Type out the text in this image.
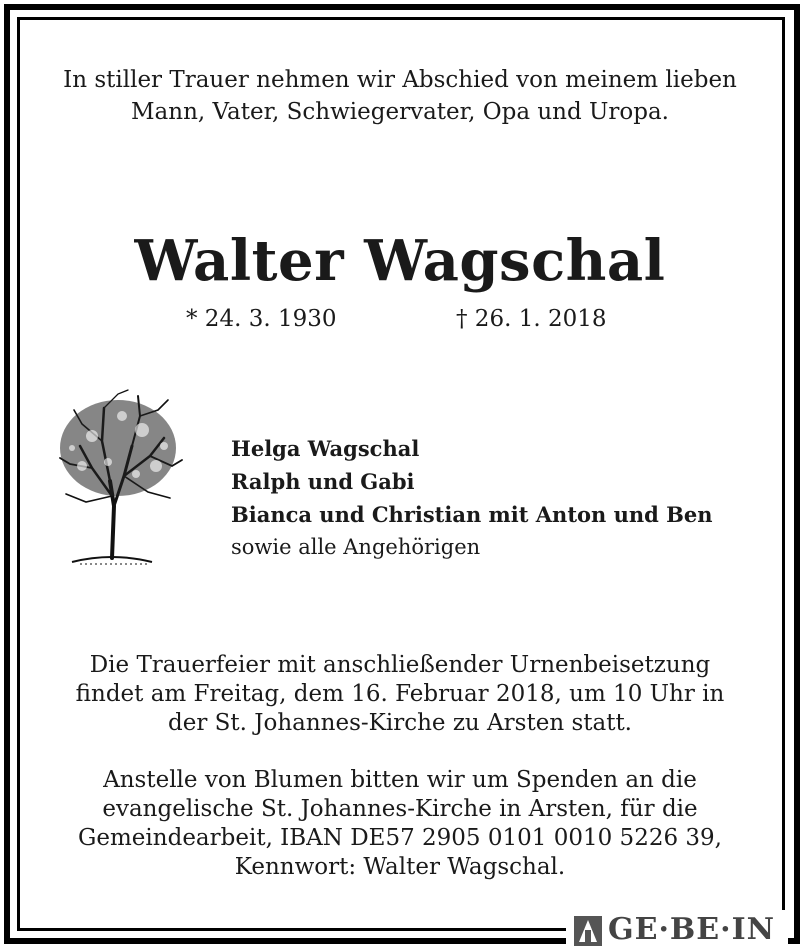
In stiller Trauer nehmen wir Abschied von meinem lieben
Mann, Vater, Schwiegervater, Opa und Uropa.
Walter Wagschal
* 24. 3. 1930	† 26. 1. 2018
Helga Wagschal
Ralph und Gabi
Bianca und Christian mit Anton und Ben
sowie alle Angehörigen
Die Trauerfeier mit anschließender Urnenbeisetzung
findet am Freitag, dem 16. Februar 2018, um 10 Uhr in
der St. Johannes-Kirche zu Arsten statt.
Anstelle von Blumen bitten wir um Spenden an die
evangelische St. Johannes-Kirche in Arsten, für die
Gemeindearbeit, IBAN DE57 2905 0101 0010 5226 39,
Kennwort: Walter Wagschal.
GE·BE·IN
